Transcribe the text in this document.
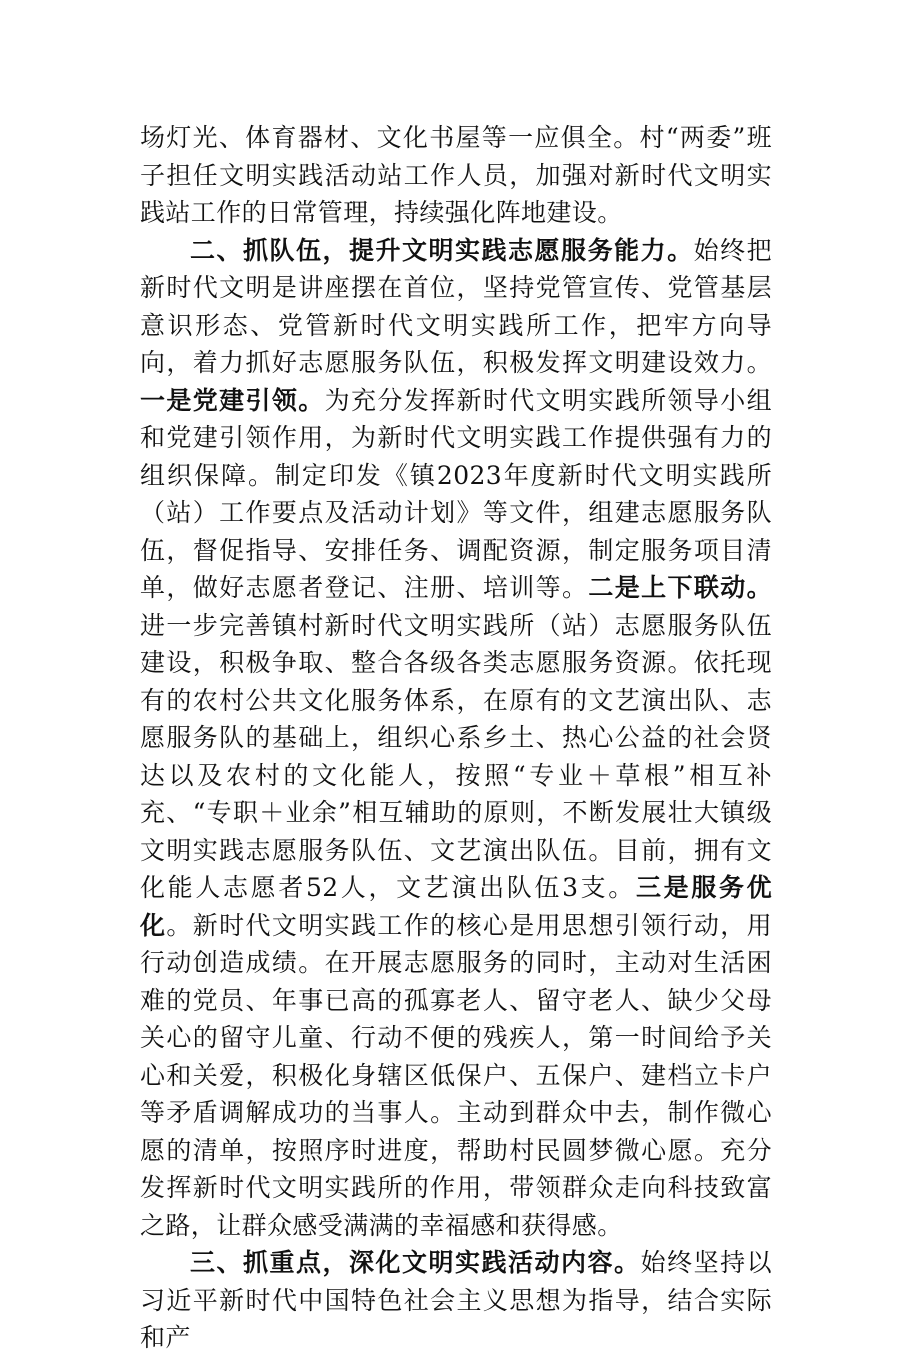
场灯光、体育器材、文化书屋等一应俱全。村“两委”班子担任文明实践活动站工作人员，加强对新时代文明实践站工作的日常管理，持续强化阵地建设。

二、抓队伍，提升文明实践志愿服务能力。始终把新时代文明是讲座摆在首位，坚持党管宣传、党管基层意识形态、党管新时代文明实践所工作，把牢方向导向，着力抓好志愿服务队伍，积极发挥文明建设效力。一是党建引领。为充分发挥新时代文明实践所领导小组和党建引领作用，为新时代文明实践工作提供强有力的组织保障。制定印发《镇2023年度新时代文明实践所（站）工作要点及活动计划》等文件，组建志愿服务队伍，督促指导、安排任务、调配资源，制定服务项目清单，做好志愿者登记、注册、培训等。二是上下联动。进一步完善镇村新时代文明实践所（站）志愿服务队伍建设，积极争取、整合各级各类志愿服务资源。依托现有的农村公共文化服务体系，在原有的文艺演出队、志愿服务队的基础上，组织心系乡土、热心公益的社会贤达以及农村的文化能人，按照“专业＋草根”相互补充、“专职＋业余”相互辅助的原则，不断发展壮大镇级文明实践志愿服务队伍、文艺演出队伍。目前，拥有文化能人志愿者52人，文艺演出队伍3支。三是服务优化。新时代文明实践工作的核心是用思想引领行动，用行动创造成绩。在开展志愿服务的同时，主动对生活困难的党员、年事已高的孤寡老人、留守老人、缺少父母关心的留守儿童、行动不便的残疾人，第一时间给予关心和关爱，积极化身辖区低保户、五保户、建档立卡户等矛盾调解成功的当事人。主动到群众中去，制作微心愿的清单，按照序时进度，帮助村民圆梦微心愿。充分发挥新时代文明实践所的作用，带领群众走向科技致富之路，让群众感受满满的幸福感和获得感。

三、抓重点，深化文明实践活动内容。始终坚持以习近平新时代中国特色社会主义思想为指导，结合实际和产
